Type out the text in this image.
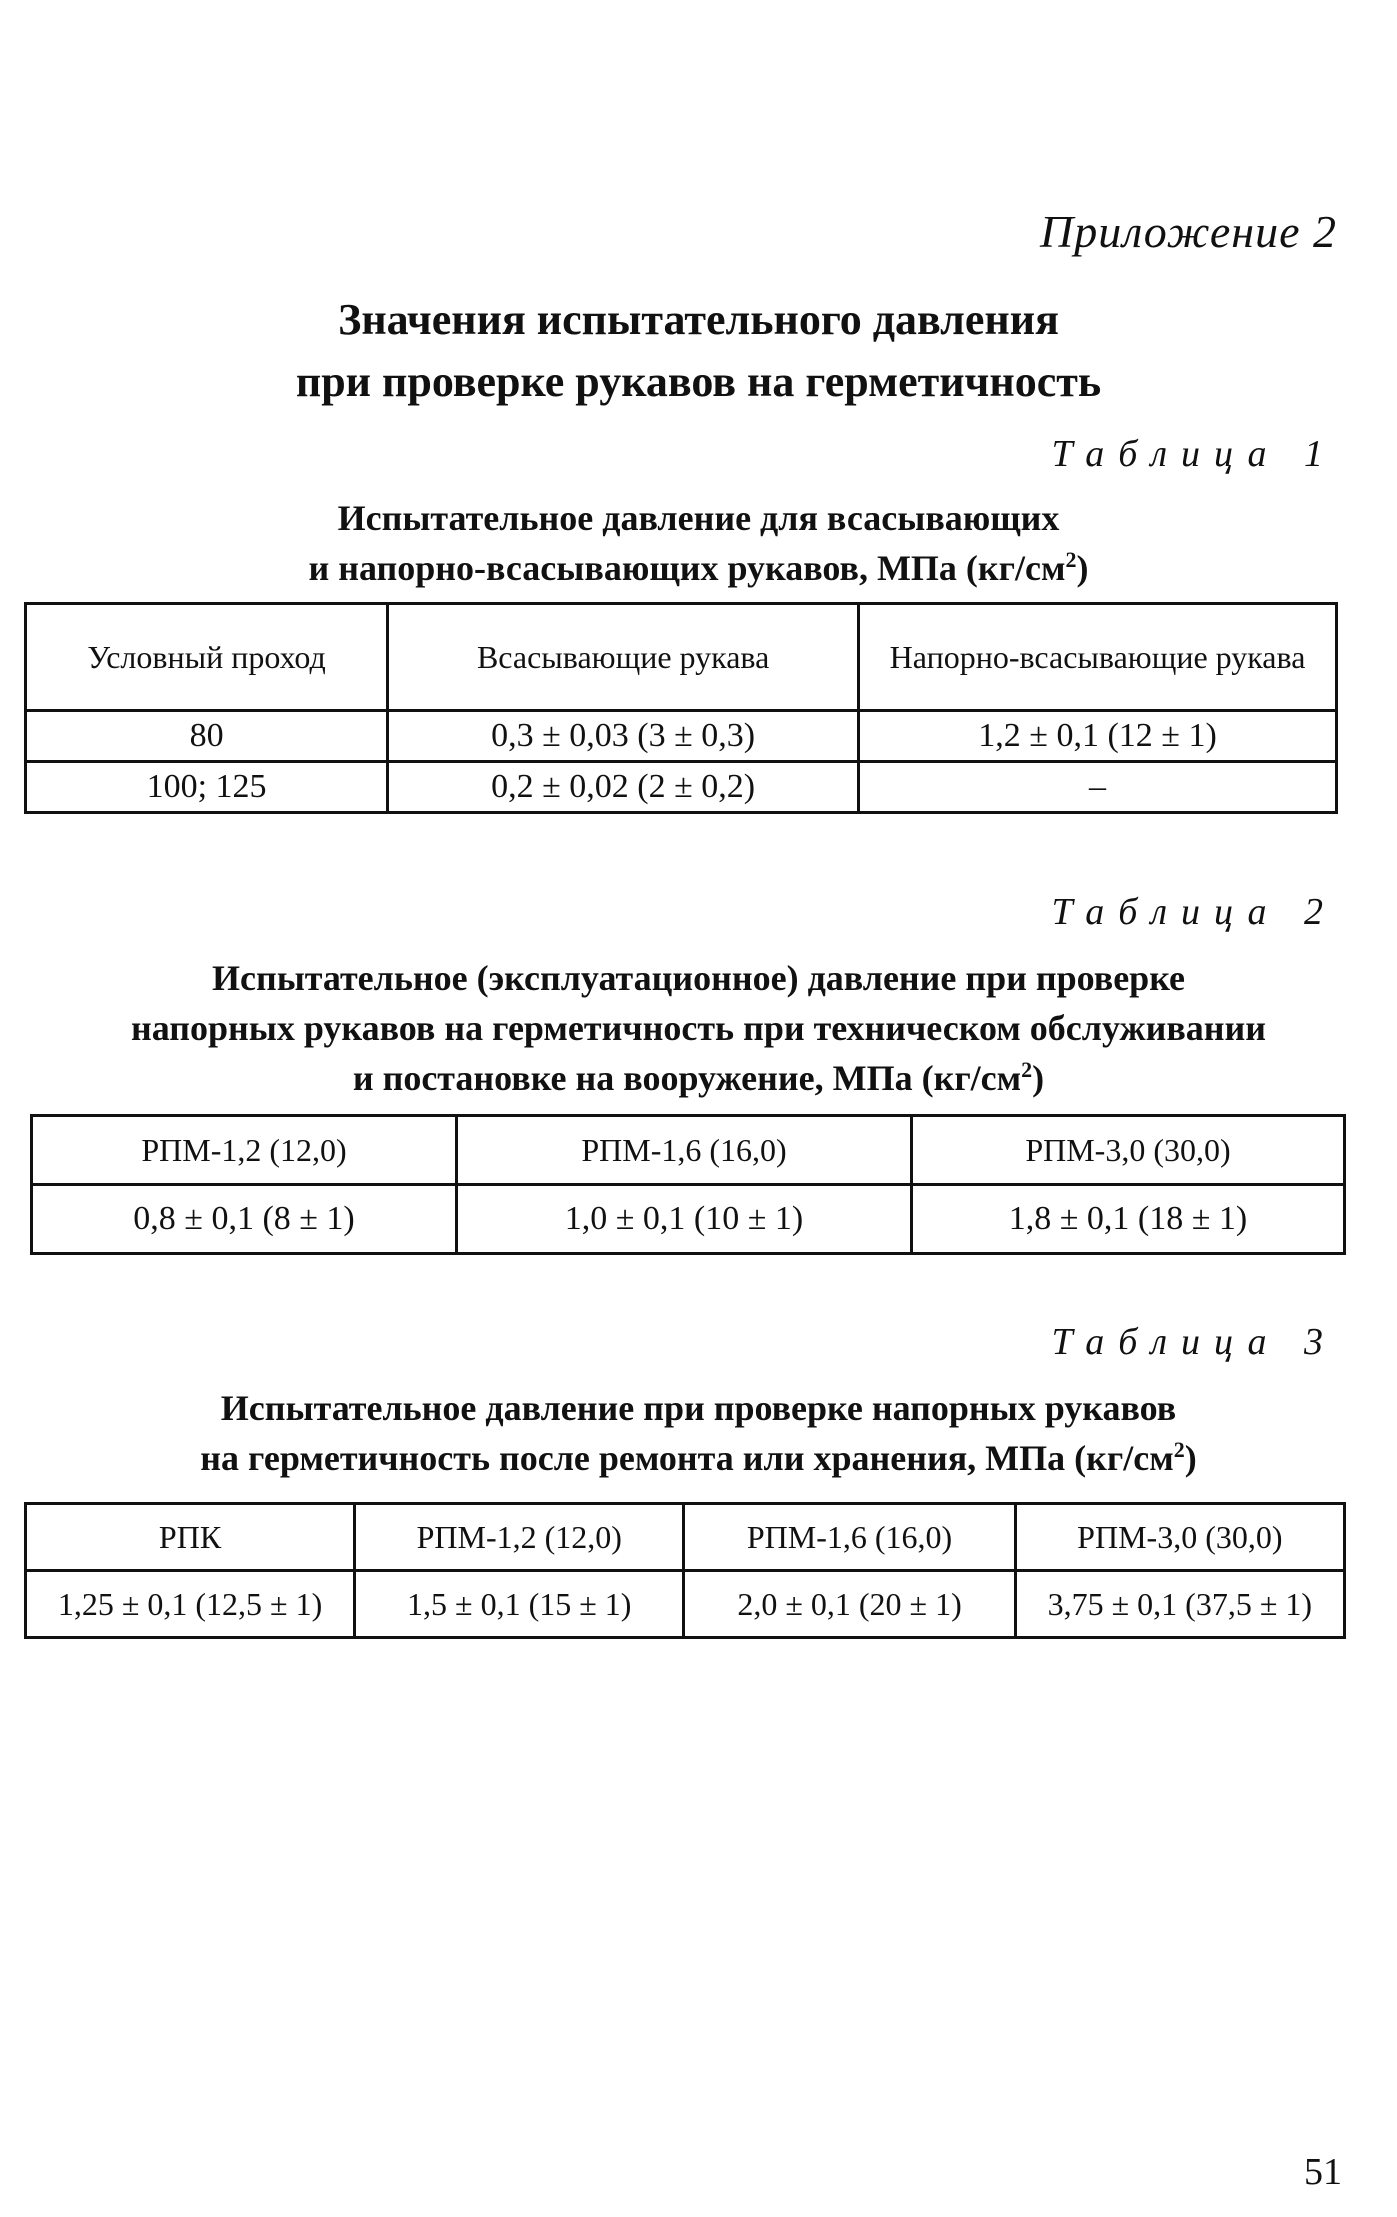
Приложение 2
Значения испытательного давления
при проверке рукавов на герметичность
Таблица 1
Испытательное давление для всасывающих
и напорно-всасывающих рукавов, МПа $(кг/см^2)$
Условный проход	Всасывающие рукава	Напорно-всасывающие рукава
80	0,3 ± 0,03 (3 ± 0,3)	1,2 ± 0,1 (12 ± 1)
100; 125	0,2 ± 0,02 (2 ± 0,2)	–
Таблица 2
Испытательное (эксплуатационное) давление при проверке
напорных рукавов на герметичность при техническом обслуживании
и постановке на вооружение, МПа $(кг/см^2)$
РПМ-1,2 (12,0)	РПМ-1,6 (16,0)	РПМ-3,0 (30,0)
0,8 ± 0,1 (8 ± 1)	1,0 ± 0,1 (10 ± 1)	1,8 ± 0,1 (18 ± 1)
Таблица 3
Испытательное давление при проверке напорных рукавов
на герметичность после ремонта или хранения, МПа $(кг/см^2)$
РПК	РПМ-1,2 (12,0)	РПМ-1,6 (16,0)	РПМ-3,0 (30,0)
1,25 ± 0,1 (12,5 ± 1)	1,5 ± 0,1 (15 ± 1)	2,0 ± 0,1 (20 ± 1)	3,75 ± 0,1 (37,5 ± 1)
51
